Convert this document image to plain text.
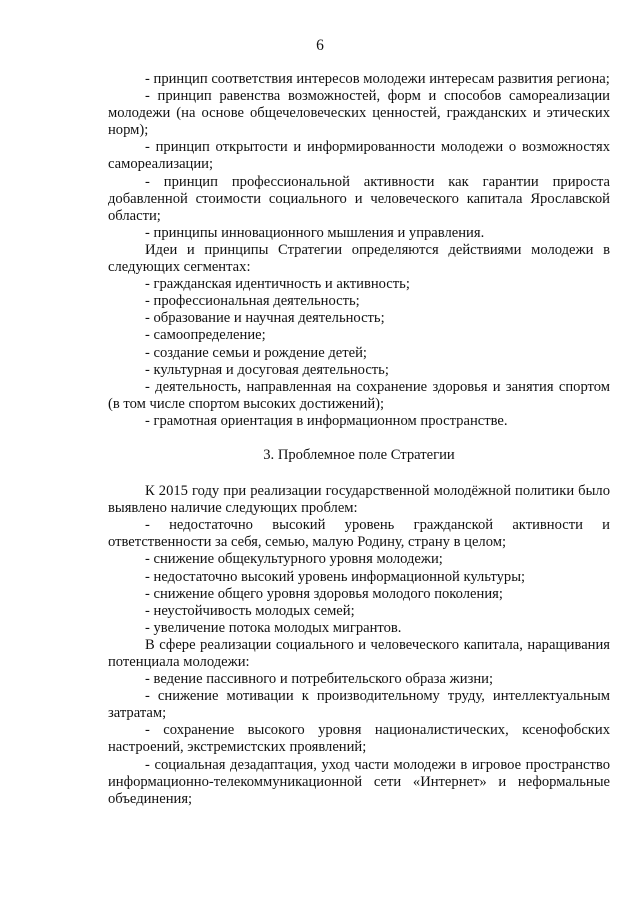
6

- принцип соответствия интересов молодежи интересам развития региона;

- принцип равенства возможностей, форм и способов самореализации молодежи (на основе общечеловеческих ценностей, гражданских и этических норм);

- принцип открытости и информированности молодежи о возможностях самореализации;

- принцип профессиональной активности как гарантии прироста добавленной стоимости социального и человеческого капитала Ярославской области;

- принципы инновационного мышления и управления.

Идеи и принципы Стратегии определяются действиями молодежи в следующих сегментах:

- гражданская идентичность и активность;

- профессиональная деятельность;

- образование и научная деятельность;

- самоопределение;

- создание семьи и рождение детей;

- культурная и досуговая деятельность;

- деятельность, направленная на сохранение здоровья и занятия спортом (в том числе спортом высоких достижений);

- грамотная ориентация в информационном пространстве.

3. Проблемное поле Стратегии

К 2015 году при реализации государственной молодёжной политики было выявлено наличие следующих проблем:

- недостаточно высокий уровень гражданской активности и ответственности за себя, семью, малую Родину, страну в целом;

- снижение общекультурного уровня молодежи;

- недостаточно высокий уровень информационной культуры;

- снижение общего уровня здоровья молодого поколения;

- неустойчивость молодых семей;

- увеличение потока молодых мигрантов.

В сфере реализации социального и человеческого капитала, наращивания потенциала молодежи:

- ведение пассивного и потребительского образа жизни;

- снижение мотивации к производительному труду, интеллектуальным затратам;

- сохранение высокого уровня националистических, ксенофобских настроений, экстремистских проявлений;

- социальная дезадаптация, уход части молодежи в игровое пространство информационно-телекоммуникационной сети «Интернет» и неформальные объединения;
